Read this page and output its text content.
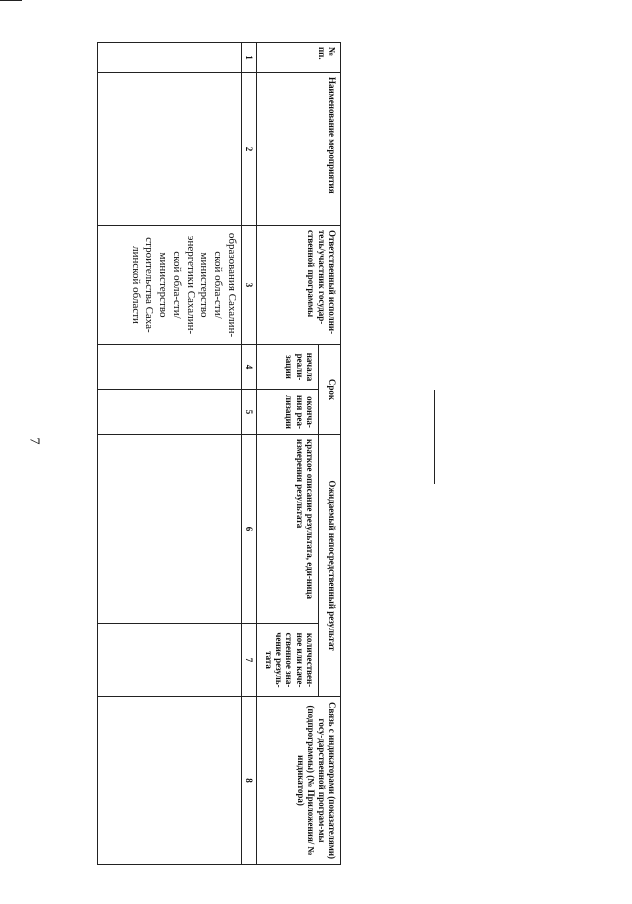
7
№ пп.	Наименование мероприятия	Ответственный исполни-тель/участник государ-ственной программы	Срок		Ожидаемый непосредственный результат		Связь с индикаторами (показателями) госу-дарственной програм-мы (подпрограммы) (№ Приложения/ № индикатора)
			начала реали-зации	оконча-ния реа-лизации	краткое описание результата, еди-ница измерения результата	количествен-ное или каче-ственное зна-чение резуль-тата	
1	2	3	4	5	6	7	8
		образования Сахалин-ской обла-сти/министерство энергетики Сахалин-ской обла-сти/министерство строительства Саха-линской области					
